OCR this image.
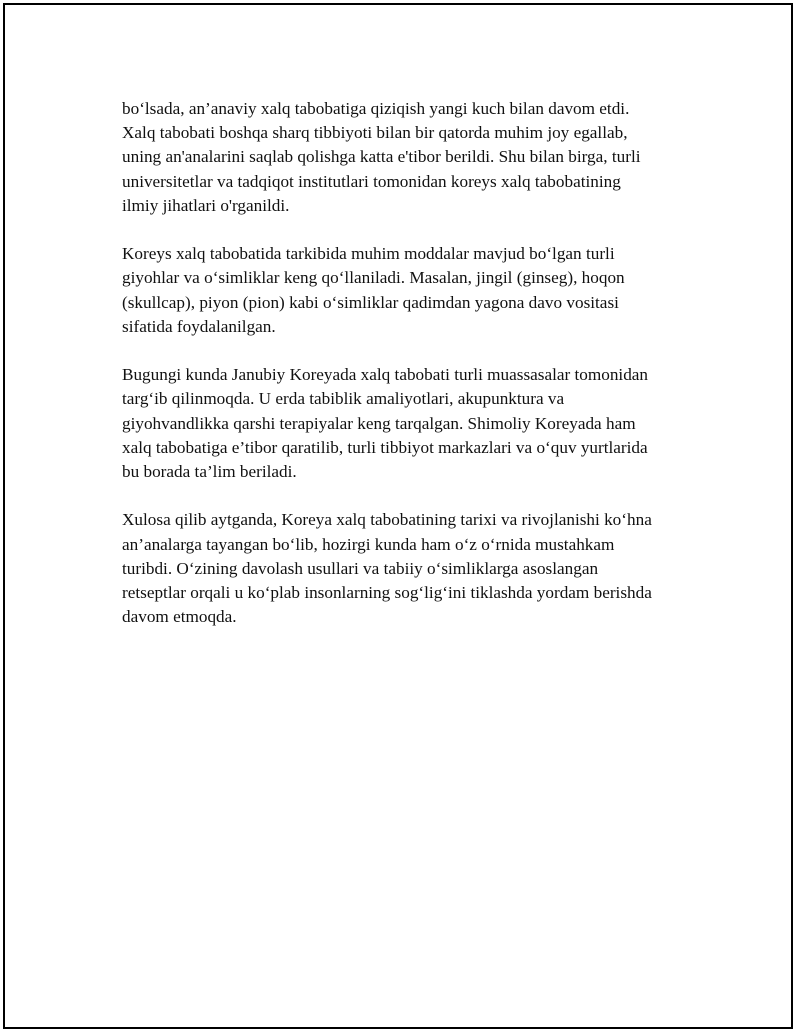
bo‘lsada, an’anaviy xalq tabobatiga qiziqish yangi kuch bilan davom etdi.
Xalq tabobati boshqa sharq tibbiyoti bilan bir qatorda muhim joy egallab,
uning an'analarini saqlab qolishga katta e'tibor berildi. Shu bilan birga, turli
universitetlar va tadqiqot institutlari tomonidan koreys xalq tabobatining
ilmiy jihatlari o'rganildi.

Koreys xalq tabobatida tarkibida muhim moddalar mavjud bo‘lgan turli
giyohlar va o‘simliklar keng qo‘llaniladi. Masalan, jingil (ginseg), hoqon
(skullcap), piyon (pion) kabi o‘simliklar qadimdan yagona davo vositasi
sifatida foydalanilgan.

Bugungi kunda Janubiy Koreyada xalq tabobati turli muassasalar tomonidan
targ‘ib qilinmoqda. U erda tabiblik amaliyotlari, akupunktura va
giyohvandlikka qarshi terapiyalar keng tarqalgan. Shimoliy Koreyada ham
xalq tabobatiga e’tibor qaratilib, turli tibbiyot markazlari va o‘quv yurtlarida
bu borada ta’lim beriladi.

Xulosa qilib aytganda, Koreya xalq tabobatining tarixi va rivojlanishi ko‘hna
an’analarga tayangan bo‘lib, hozirgi kunda ham o‘z o‘rnida mustahkam
turibdi. O‘zining davolash usullari va tabiiy o‘simliklarga asoslangan
retseptlar orqali u ko‘plab insonlarning sog‘lig‘ini tiklashda yordam berishda
davom etmoqda.
